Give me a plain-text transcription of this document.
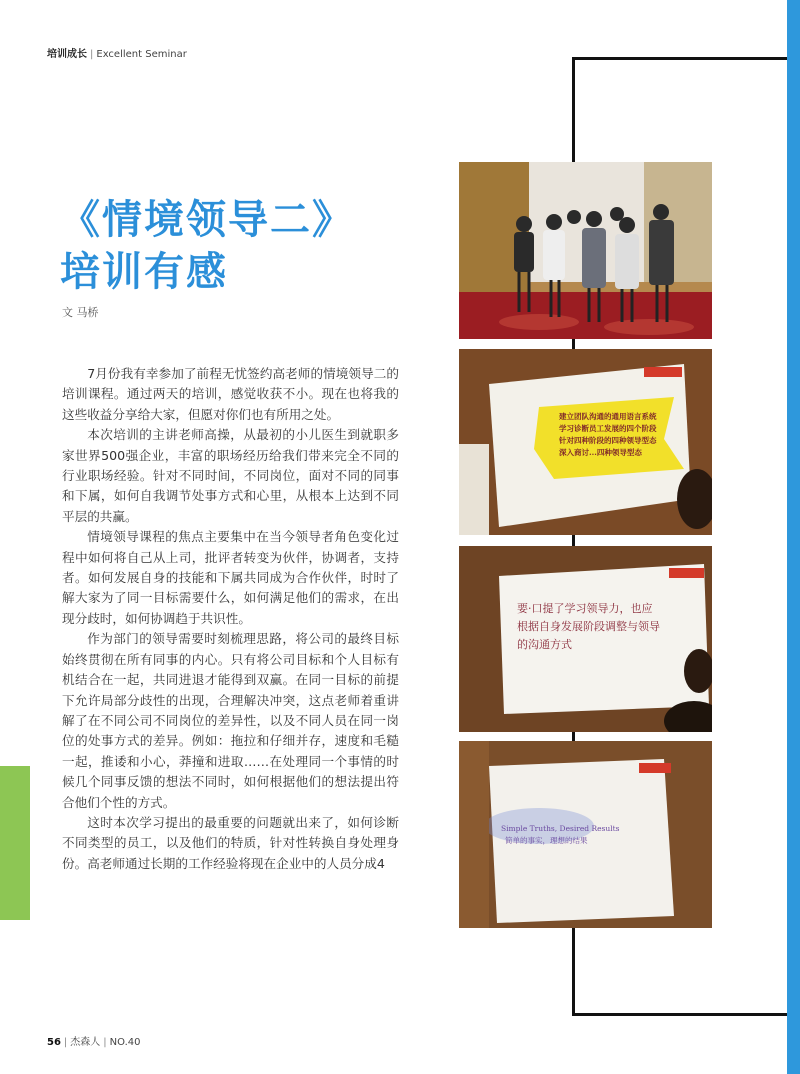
培训成长 | Excellent Seminar
《情境领导二》
培训有感
文 马桥

7月份我有幸参加了前程无忧签约高老师的情境领导二的培训课程。通过两天的培训，感觉收获不小。现在也将我的这些收益分享给大家，但愿对你们也有所用之处。

本次培训的主讲老师高操，从最初的小儿医生到就职多家世界500强企业，丰富的职场经历给我们带来完全不同的行业职场经验。针对不同时间，不同岗位，面对不同的同事和下属，如何自我调节处事方式和心里，从根本上达到不同平层的共赢。

情境领导课程的焦点主要集中在当今领导者角色变化过程中如何将自己从上司，批评者转变为伙伴，协调者，支持者。如何发展自身的技能和下属共同成为合作伙伴，时时了解大家为了同一目标需要什么，如何满足他们的需求，在出现分歧时，如何协调趋于共识性。

作为部门的领导需要时刻梳理思路，将公司的最终目标始终贯彻在所有同事的内心。只有将公司目标和个人目标有机结合在一起，共同进退才能得到双赢。在同一目标的前提下允许局部分歧性的出现，合理解决冲突，这点老师着重讲解了在不同公司不同岗位的差异性，以及不同人员在同一岗位的处事方式的差异。例如：拖拉和仔细并存，速度和毛糙一起，推诿和小心，莽撞和进取……在处理同一个事情的时候几个同事反馈的想法不同时，如何根据他们的想法提出符合他们个性的方式。

这时本次学习提出的最重要的问题就出来了，如何诊断不同类型的员工，以及他们的特质，针对性转换自身处理身份。高老师通过长期的工作经验将现在企业中的人员分成4

建立团队沟通的通用语言系统
学习诊断员工发展的四个阶段
针对四种阶段的四种领导型态
深入商讨...四种领导型态
要·口提了学习领导力，也应
根据自身发展阶段调整与领导
的沟通方式
Simple Truths, Desired Results
简单的事实，理想的结果
56 | 杰森人 | NO.40
